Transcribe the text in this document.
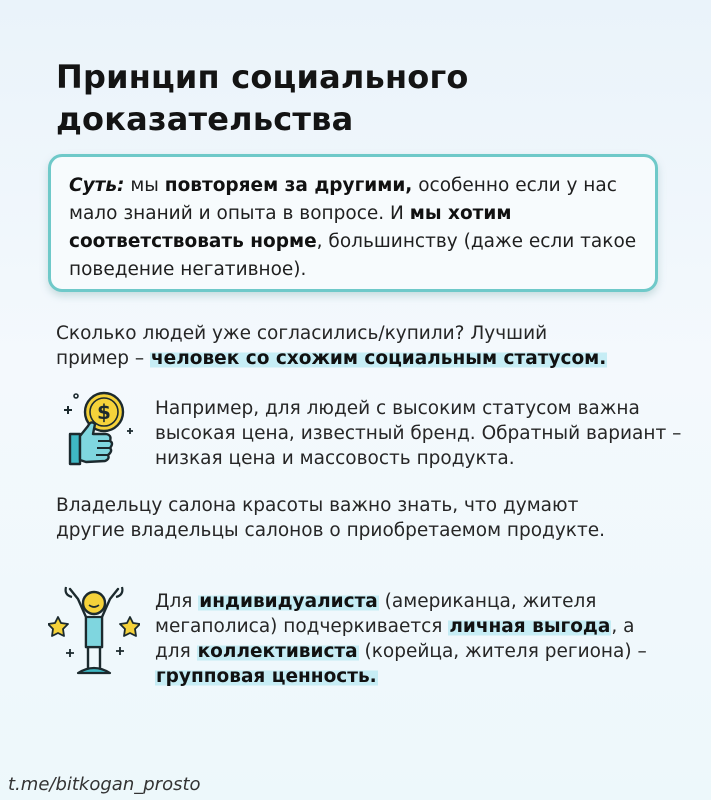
Принцип социального
доказательства
Суть: мы повторяем за другими, особенно если у нас мало знаний и опыта в вопросе. И мы хотим соответствовать норме, большинству (даже если такое поведение негативное).
Сколько людей уже согласились/купили? Лучший пример – человек со схожим социальным статусом.
$ Например, для людей с высоким статусом важна высокая цена, известный бренд. Обратный вариант – низкая цена и массовость продукта.
Владельцу салона красоты важно знать, что думают другие владельцы салонов о приобретаемом продукте.
Для индивидуалиста (американца, жителя мегаполиса) подчеркивается личная выгода, а для коллективиста (корейца, жителя региона) – групповая ценность.
t.me/bitkogan_prosto
